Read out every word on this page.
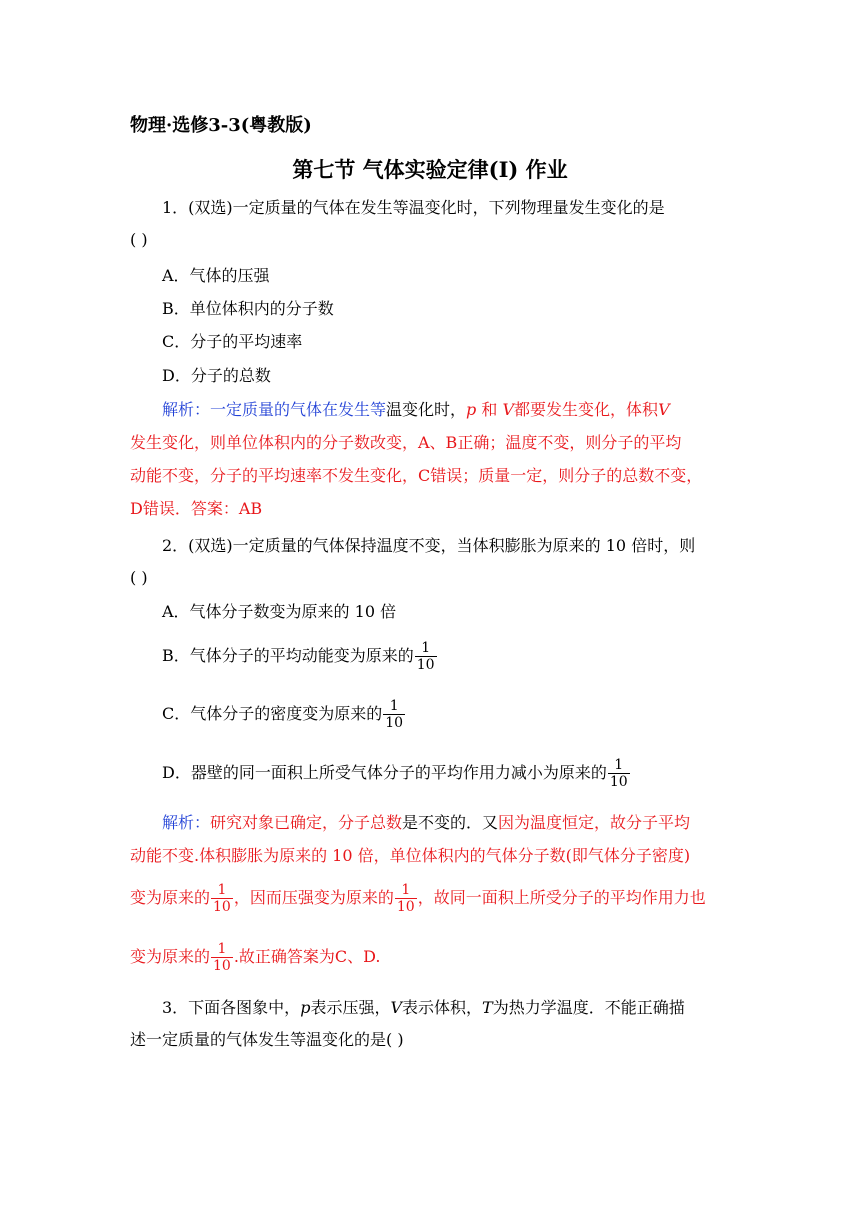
物理·选修3-3(粤教版)
第七节 气体实验定律(Ⅰ) 作业
1．(双选)一定质量的气体在发生等温变化时，下列物理量发生变化的是
( )
A．气体的压强
B．单位体积内的分子数
C．分子的平均速率
D．分子的总数
解析：一定质量的气体在发生等温变化时，p 和 V都要发生变化，体积V
发生变化，则单位体积内的分子数改变，A、B正确；温度不变，则分子的平均
动能不变，分子的平均速率不发生变化，C错误；质量一定，则分子的总数不变，
D错误．答案：AB
2．(双选)一定质量的气体保持温度不变，当体积膨胀为原来的 10 倍时，则
( )
A．气体分子数变为原来的 10 倍
B．气体分子的平均动能变为原来的 $\frac{1}{10}$
C．气体分子的密度变为原来的 $\frac{1}{10}$
D．器壁的同一面积上所受气体分子的平均作用力减小为原来的 $\frac{1}{10}$
解析：研究对象已确定，分子总数是不变的．又因为温度恒定，故分子平均
动能不变.体积膨胀为原来的 10 倍，单位体积内的气体分子数(即气体分子密度)
变为原来的 $\frac{1}{10}$ ，因而压强变为原来的 $\frac{1}{10}$ ，故同一面积上所受分子的平均作用力也
变为原来的 $\frac{1}{10}$ .故正确答案为C、D.
3．下面各图象中，p表示压强，V表示体积，T为热力学温度．不能正确描
述一定质量的气体发生等温变化的是( )
